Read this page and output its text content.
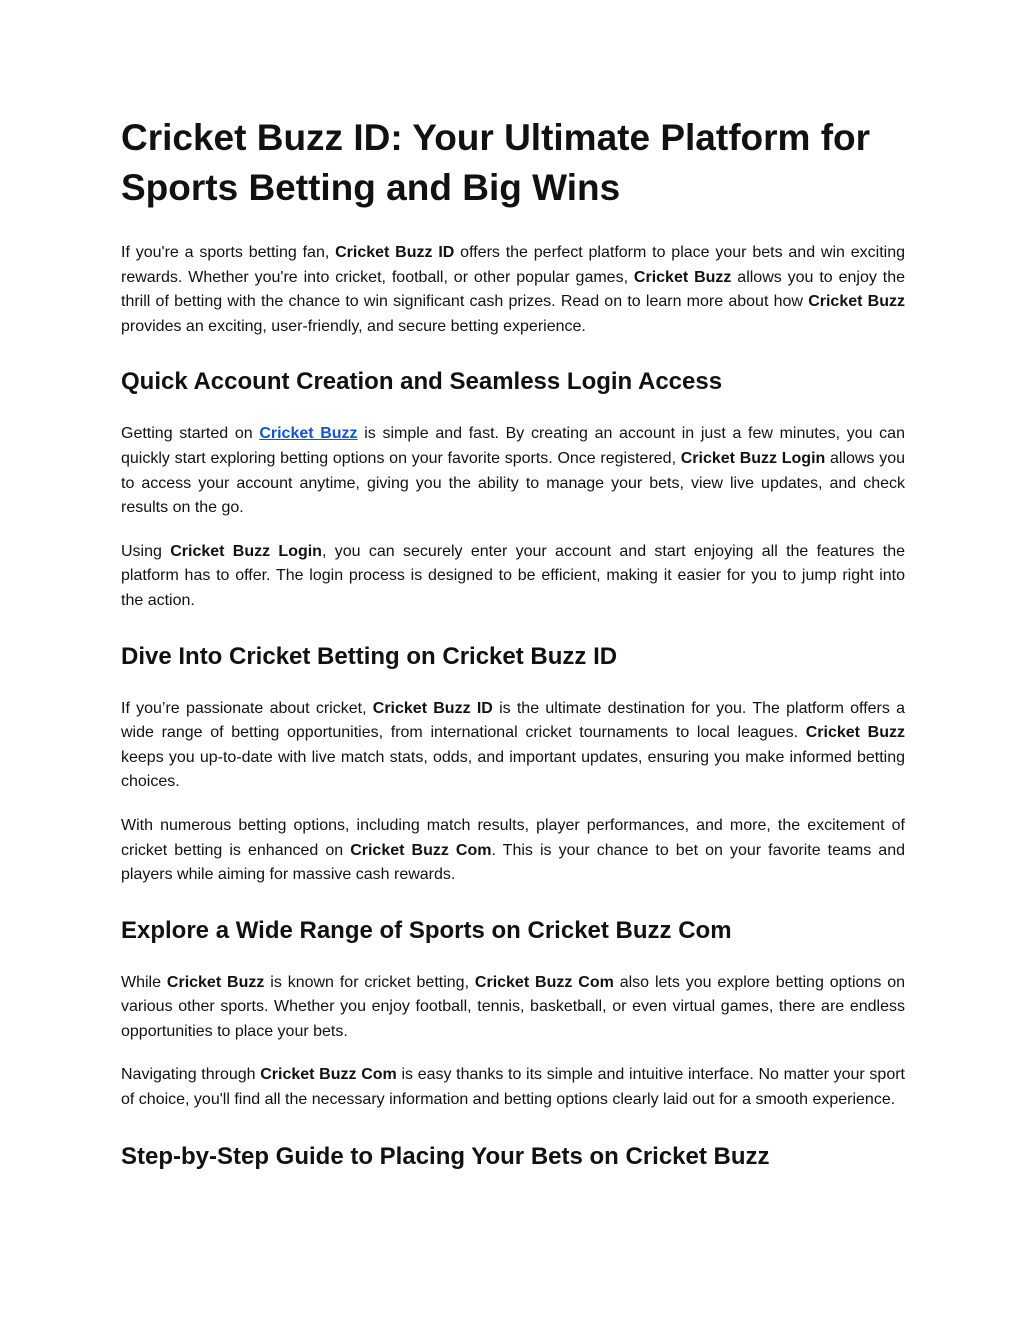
Cricket Buzz ID: Your Ultimate Platform for Sports Betting and Big Wins

If you're a sports betting fan, Cricket Buzz ID offers the perfect platform to place your bets and win exciting rewards. Whether you're into cricket, football, or other popular games, Cricket Buzz allows you to enjoy the thrill of betting with the chance to win significant cash prizes. Read on to learn more about how Cricket Buzz provides an exciting, user-friendly, and secure betting experience.

Quick Account Creation and Seamless Login Access

Getting started on Cricket Buzz is simple and fast. By creating an account in just a few minutes, you can quickly start exploring betting options on your favorite sports. Once registered, Cricket Buzz Login allows you to access your account anytime, giving you the ability to manage your bets, view live updates, and check results on the go.

Using Cricket Buzz Login, you can securely enter your account and start enjoying all the features the platform has to offer. The login process is designed to be efficient, making it easier for you to jump right into the action.

Dive Into Cricket Betting on Cricket Buzz ID

If you’re passionate about cricket, Cricket Buzz ID is the ultimate destination for you. The platform offers a wide range of betting opportunities, from international cricket tournaments to local leagues. Cricket Buzz keeps you up-to-date with live match stats, odds, and important updates, ensuring you make informed betting choices.

With numerous betting options, including match results, player performances, and more, the excitement of cricket betting is enhanced on Cricket Buzz Com. This is your chance to bet on your favorite teams and players while aiming for massive cash rewards.

Explore a Wide Range of Sports on Cricket Buzz Com

While Cricket Buzz is known for cricket betting, Cricket Buzz Com also lets you explore betting options on various other sports. Whether you enjoy football, tennis, basketball, or even virtual games, there are endless opportunities to place your bets.

Navigating through Cricket Buzz Com is easy thanks to its simple and intuitive interface. No matter your sport of choice, you'll find all the necessary information and betting options clearly laid out for a smooth experience.

Step-by-Step Guide to Placing Your Bets on Cricket Buzz
